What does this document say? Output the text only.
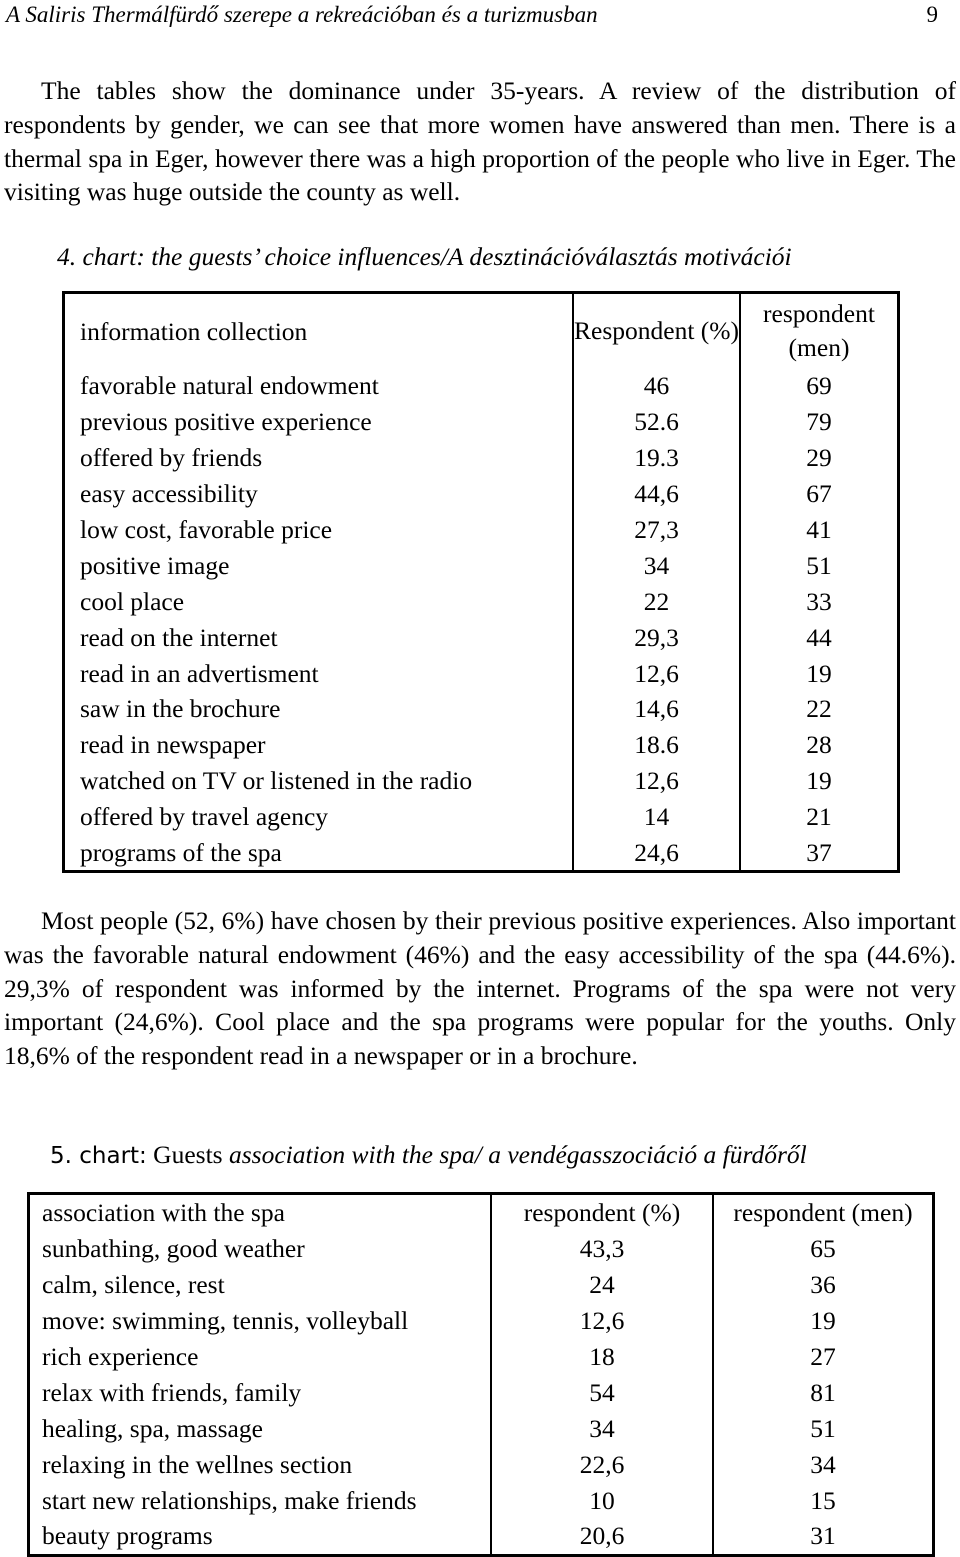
A Saliris Thermálfürdő szerepe a rekreációban és a turizmusban	9

The tables show the dominance under 35-years. A review of the distribution of respondents by gender, we can see that more women have answered than men. There is a thermal spa in Eger, however there was a high proportion of the people who live in Eger. The visiting was huge outside the county as well.

4. chart: the guests’ choice influences/A desztinációválasztás motivációi
information collection	Respondent (%)	respondent (men)
favorable natural endowment	46	69
previous positive experience	52.6	79
offered by friends	19.3	29
easy accessibility	44,6	67
low cost, favorable price	27,3	41
positive image	34	51
cool place	22	33
read on the internet	29,3	44
read in an advertisment	12,6	19
saw in the brochure	14,6	22
read in newspaper	18.6	28
watched on TV or listened in the radio	12,6	19
offered by travel agency	14	21
programs of the spa	24,6	37

Most people (52, 6%) have chosen by their previous positive experiences. Also important was the favorable natural endowment (46%) and the easy accessibility of the spa (44.6%). 29,3% of respondent was informed by the internet. Programs of the spa were not very important (24,6%). Cool place and the spa programs were popular for the youths. Only 18,6% of the respondent read in a newspaper or in a brochure.

5. chart: Guests association with the spa/ a vendégasszociáció a fürdőről
association with the spa	respondent (%)	respondent (men)
sunbathing, good weather	43,3	65
calm, silence, rest	24	36
move: swimming, tennis, volleyball	12,6	19
rich experience	18	27
relax with friends, family	54	81
healing, spa, massage	34	51
relaxing in the wellnes section	22,6	34
start new relationships, make friends	10	15
beauty programs	20,6	31
